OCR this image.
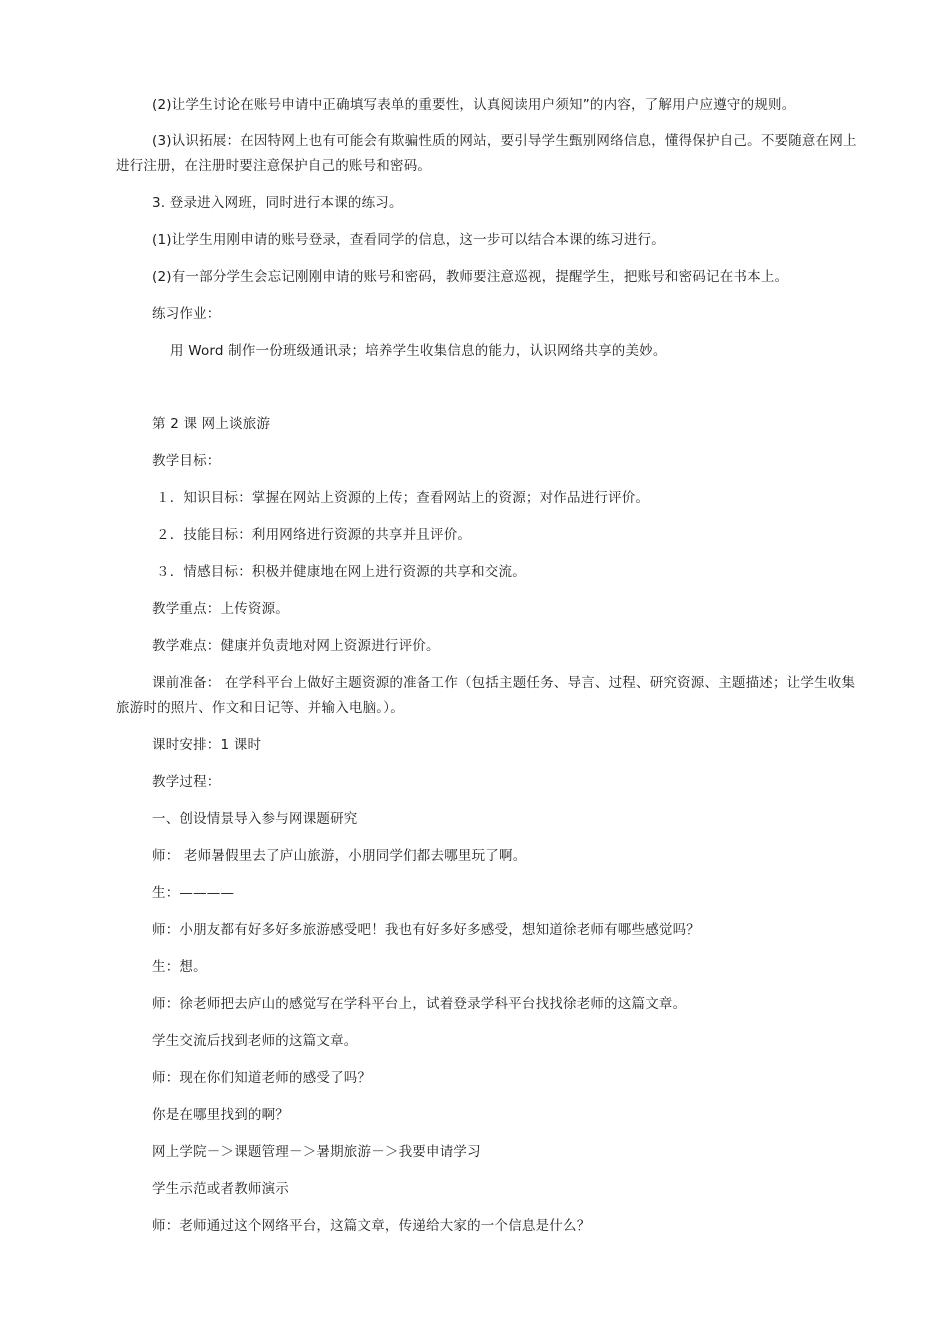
(2)让学生讨论在账号申请中正确填写表单的重要性，认真阅读用户须知”的内容，了解用户应遵守的规则。
(3)认识拓展：在因特网上也有可能会有欺骗性质的网站，要引导学生甄别网络信息，懂得保护自己。不要随意在网上进行注册，在注册时要注意保护自己的账号和密码。
3. 登录进入网班，同时进行本课的练习。
(1)让学生用刚申请的账号登录，查看同学的信息，这一步可以结合本课的练习进行。
(2)有一部分学生会忘记刚刚申请的账号和密码，教师要注意巡视，提醒学生，把账号和密码记在书本上。
练习作业：
用 Word 制作一份班级通讯录；培养学生收集信息的能力，认识网络共享的美妙。
第 2 课 网上谈旅游
教学目标：
１．知识目标：掌握在网站上资源的上传；查看网站上的资源；对作品进行评价。
２．技能目标：利用网络进行资源的共享并且评价。
３．情感目标：积极并健康地在网上进行资源的共享和交流。
教学重点：上传资源。
教学难点：健康并负责地对网上资源进行评价。
课前准备： 在学科平台上做好主题资源的准备工作（包括主题任务、导言、过程、研究资源、主题描述；让学生收集旅游时的照片、作文和日记等、并输入电脑。）。
课时安排：1 课时
教学过程：
一、创设情景导入参与网课题研究
师： 老师暑假里去了庐山旅游，小朋同学们都去哪里玩了啊。
生：————
师：小朋友都有好多好多旅游感受吧！我也有好多好多感受，想知道徐老师有哪些感觉吗？
生：想。
师：徐老师把去庐山的感觉写在学科平台上，试着登录学科平台找找徐老师的这篇文章。
学生交流后找到老师的这篇文章。
师：现在你们知道老师的感受了吗？
你是在哪里找到的啊？
网上学院－＞课题管理－＞暑期旅游－＞我要申请学习
学生示范或者教师演示
师：老师通过这个网络平台，这篇文章，传递给大家的一个信息是什么？
